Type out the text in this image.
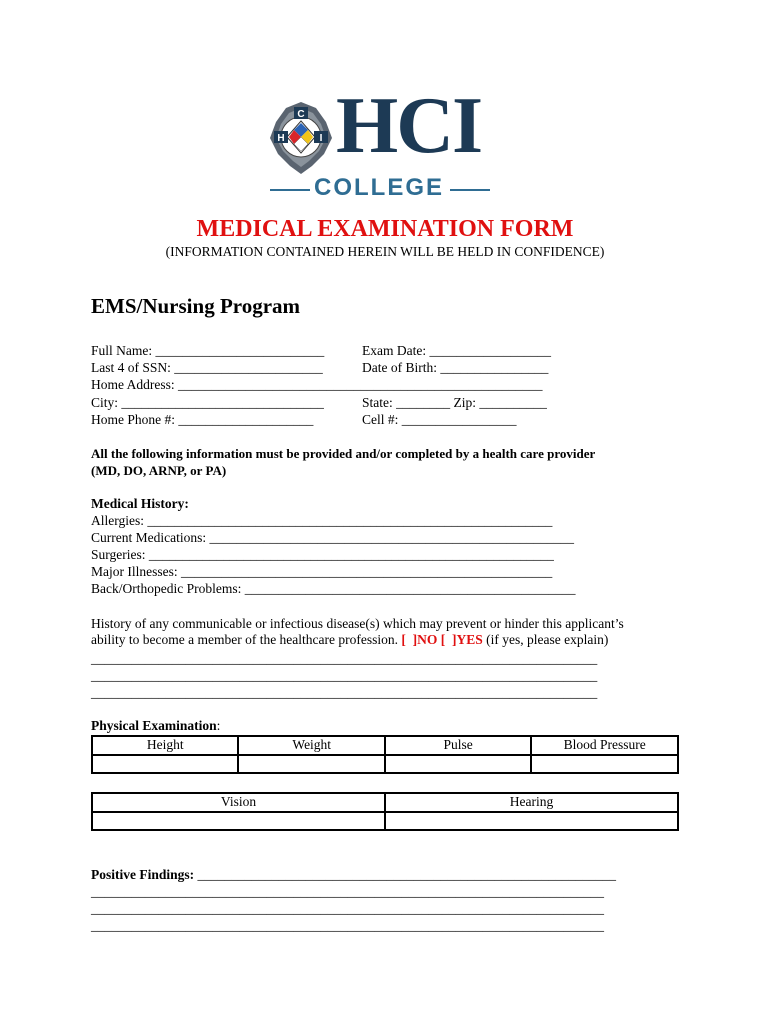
C
H	I HCI
COLLEGE
MEDICAL EXAMINATION FORM
(INFORMATION CONTAINED HEREIN WILL BE HELD IN CONFIDENCE)
EMS/Nursing Program
Full Name: _________________________	Exam Date: __________________
Last 4 of SSN: ______________________	Date of Birth: ________________
Home Address: ______________________________________________________
City: ______________________________	State: ________ Zip: __________
Home Phone #: ____________________	Cell #: _________________
All the following information must be provided and/or completed by a health care provider
(MD, DO, ARNP, or PA)
Medical History:
Allergies: ____________________________________________________________
Current Medications: ______________________________________________________
Surgeries: ____________________________________________________________
Major Illnesses: _______________________________________________________
Back/Orthopedic Problems: _________________________________________________
History of any communicable or infectious disease(s) which may prevent or hinder this applicant’s
ability to become a member of the healthcare profession. [  ]NO [  ]YES (if yes, please explain)
___________________________________________________________________________
___________________________________________________________________________
___________________________________________________________________________
Physical Examination:
Height	Weight	Pulse	Blood Pressure

Vision	Hearing

Positive Findings: ______________________________________________________________
____________________________________________________________________________
____________________________________________________________________________
____________________________________________________________________________
